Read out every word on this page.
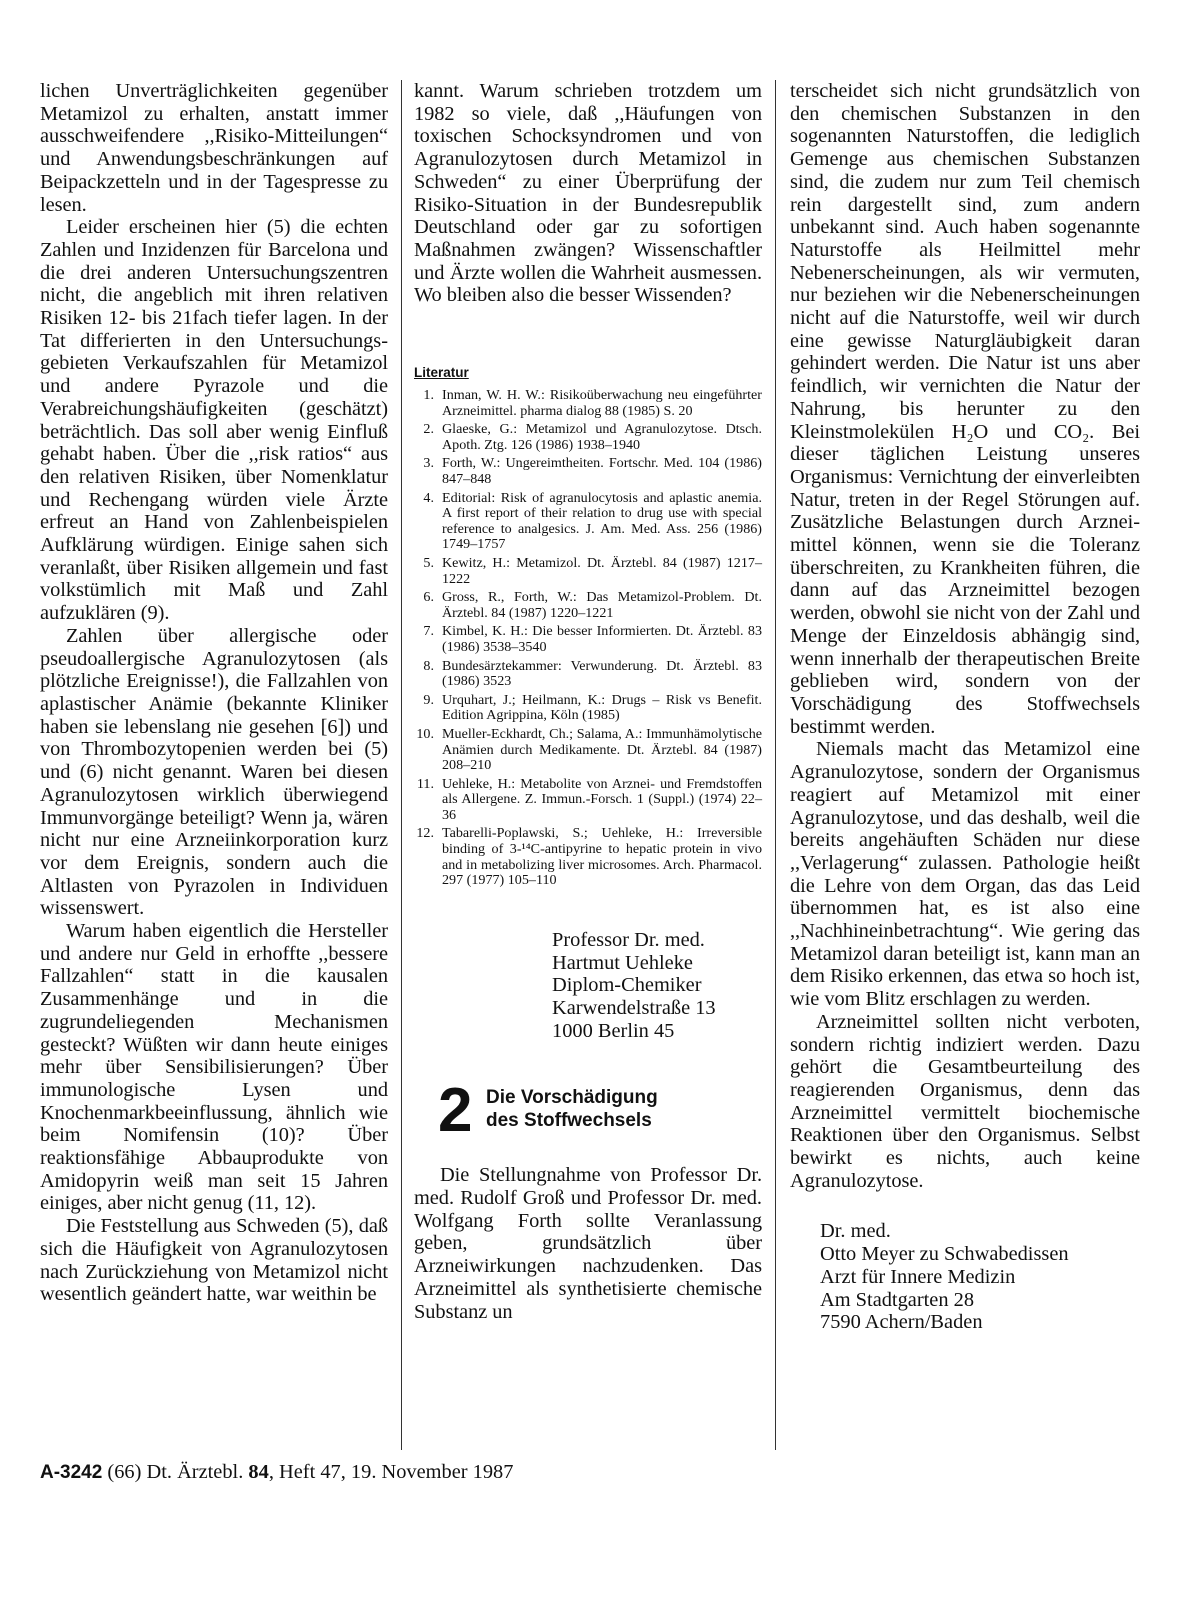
lichen Unverträglichkeiten gegenüber Metamizol zu erhalten, anstatt immer ausschweifendere ,,Risiko-Mitteilungen“ und Anwendungsbeschränkungen auf Beipackzetteln und in der Tagespresse zu lesen.

Leider erscheinen hier (5) die echten Zahlen und Inzidenzen für Barcelona und die drei anderen Untersuchungszentren nicht, die angeblich mit ihren relativen Risiken 12- bis 21fach tiefer lagen. In der Tat differierten in den Untersuchungsgebieten Verkaufszahlen für Metamizol und andere Pyrazole und die Verabreichungshäufigkeiten (geschätzt) beträchtlich. Das soll aber wenig Einfluß gehabt haben. Über die ,,risk ratios“ aus den relativen Risiken, über Nomenklatur und Rechengang würden viele Ärzte erfreut an Hand von Zahlenbeispielen Aufklärung würdigen. Einige sahen sich veranlaßt, über Risiken allgemein und fast volkstümlich mit Maß und Zahl aufzuklären (9).

Zahlen über allergische oder pseudoallergische Agranulozytosen (als plötzliche Ereignisse!), die Fallzahlen von aplastischer Anämie (bekannte Kliniker haben sie lebenslang nie gesehen [6]) und von Thrombozytopenien werden bei (5) und (6) nicht genannt. Waren bei diesen Agranulozytosen wirklich überwiegend Immunvorgänge beteiligt? Wenn ja, wären nicht nur eine Arzneiinkorporation kurz vor dem Ereignis, sondern auch die Altlasten von Pyrazolen in Individuen wissenswert.

Warum haben eigentlich die Hersteller und andere nur Geld in erhoffte ,,bessere Fallzahlen“ statt in die kausalen Zusammenhänge und in die zugrundeliegenden Mechanismen gesteckt? Wüßten wir dann heute einiges mehr über Sensibilisierungen? Über immunologische Lysen und Knochenmarkbeeinflussung, ähnlich wie beim Nomifensin (10)? Über reaktionsfähige Abbauprodukte von Amidopyrin weiß man seit 15 Jahren einiges, aber nicht genug (11, 12).

Die Feststellung aus Schweden (5), daß sich die Häufigkeit von Agranulozytosen nach Zurückziehung von Metamizol nicht wesentlich geändert hatte, war weithin be

kannt. Warum schrieben trotzdem um 1982 so viele, daß ,,Häufungen von toxischen Schocksyndromen und von Agranulozytosen durch Metamizol in Schweden“ zu einer Überprüfung der Risiko-Situation in der Bundesrepublik Deutschland oder gar zu sofortigen Maßnahmen zwängen? Wissenschaftler und Ärzte wollen die Wahrheit ausmessen. Wo bleiben also die besser Wissenden?

Literatur
1. Inman, W. H. W.: Risikoüberwachung neu eingeführter Arzneimittel. pharma dialog 88 (1985) S. 20
2. Glaeske, G.: Metamizol und Agranulozytose. Dtsch. Apoth. Ztg. 126 (1986) 1938–1940
3. Forth, W.: Ungereimtheiten. Fortschr. Med. 104 (1986) 847–848
4. Editorial: Risk of agranulocytosis and aplastic anemia. A first report of their relation to drug use with special reference to analgesics. J. Am. Med. Ass. 256 (1986) 1749–1757
5. Kewitz, H.: Metamizol. Dt. Ärztebl. 84 (1987) 1217–1222
6. Gross, R., Forth, W.: Das Metamizol-Problem. Dt. Ärztebl. 84 (1987) 1220–1221
7. Kimbel, K. H.: Die besser Informierten. Dt. Ärztebl. 83 (1986) 3538–3540
8. Bundesärztekammer: Verwunderung. Dt. Ärztebl. 83 (1986) 3523
9. Urquhart, J.; Heilmann, K.: Drugs – Risk vs Benefit. Edition Agrippina, Köln (1985)
10. Mueller-Eckhardt, Ch.; Salama, A.: Immunhämolytische Anämien durch Medikamente. Dt. Ärztebl. 84 (1987) 208–210
11. Uehleke, H.: Metabolite von Arznei- und Fremdstoffen als Allergene. Z. Immun.-Forsch. 1 (Suppl.) (1974) 22–36
12. Tabarelli-Poplawski, S.; Uehleke, H.: Irreversible binding of 3-¹⁴C-antipyrine to hepatic protein in vivo and in metabolizing liver microsomes. Arch. Pharmacol. 297 (1977) 105–110
Professor Dr. med.
Hartmut Uehleke
Diplom-Chemiker
Karwendelstraße 13
1000 Berlin 45
2 Die Vorschädigung
des Stoffwechsels

Die Stellungnahme von Professor Dr. med. Rudolf Groß und Professor Dr. med. Wolfgang Forth sollte Veranlassung geben, grundsätzlich über Arzneiwirkungen nachzudenken. Das Arzneimittel als synthetisierte chemische Substanz un

terscheidet sich nicht grundsätzlich von den chemischen Substanzen in den sogenannten Naturstoffen, die lediglich Gemenge aus chemischen Substanzen sind, die zudem nur zum Teil chemisch rein dargestellt sind, zum andern unbekannt sind. Auch haben sogenannte Naturstoffe als Heilmittel mehr Nebenerscheinungen, als wir vermuten, nur beziehen wir die Nebenerscheinungen nicht auf die Naturstoffe, weil wir durch eine gewisse Naturgläubigkeit daran gehindert werden. Die Natur ist uns aber feindlich, wir vernichten die Natur der Nahrung, bis herunter zu den Kleinstmolekülen H₂O und CO₂. Bei dieser täglichen Leistung unseres Organismus: Vernichtung der einverleibten Natur, treten in der Regel Störungen auf. Zusätzliche Belastungen durch Arzneimittel können, wenn sie die Toleranz überschreiten, zu Krankheiten führen, die dann auf das Arzneimittel bezogen werden, obwohl sie nicht von der Zahl und Menge der Einzeldosis abhängig sind, wenn innerhalb der therapeutischen Breite geblieben wird, sondern von der Vorschädigung des Stoffwechsels bestimmt werden.

Niemals macht das Metamizol eine Agranulozytose, sondern der Organismus reagiert auf Metamizol mit einer Agranulozytose, und das deshalb, weil die bereits angehäuften Schäden nur diese ,,Verlagerung“ zulassen. Pathologie heißt die Lehre von dem Organ, das das Leid übernommen hat, es ist also eine ,,Nachhineinbetrachtung“. Wie gering das Metamizol daran beteiligt ist, kann man an dem Risiko erkennen, das etwa so hoch ist, wie vom Blitz erschlagen zu werden.

Arzneimittel sollten nicht verboten, sondern richtig indiziert werden. Dazu gehört die Gesamtbeurteilung des reagierenden Organismus, denn das Arzneimittel vermittelt biochemische Reaktionen über den Organismus. Selbst bewirkt es nichts, auch keine Agranulozytose.

Dr. med.
Otto Meyer zu Schwabedissen
Arzt für Innere Medizin
Am Stadtgarten 28
7590 Achern/Baden
A-3242 (66) Dt. Ärztebl. 84, Heft 47, 19. November 1987
